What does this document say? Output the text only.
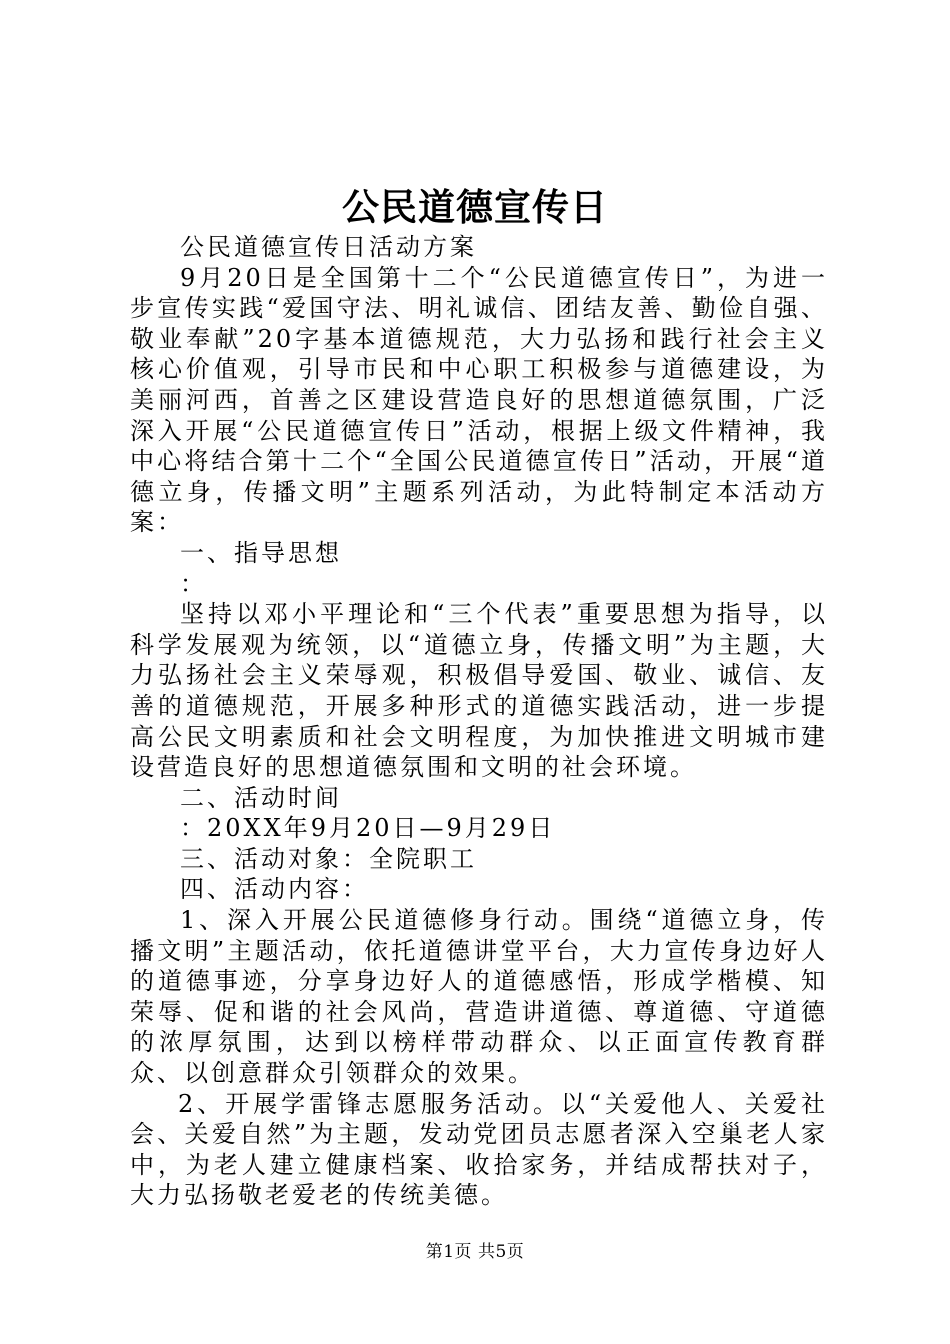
公民道德宣传日

公民道德宣传日活动方案

9月20日是全国第十二个“公民道德宣传日”，为进一步宣传实践“爱国守法、明礼诚信、团结友善、勤俭自强、敬业奉献”20字基本道德规范，大力弘扬和践行社会主义核心价值观，引导市民和中心职工积极参与道德建设，为美丽河西，首善之区建设营造良好的思想道德氛围，广泛深入开展“公民道德宣传日”活动，根据上级文件精神，我中心将结合第十二个“全国公民道德宣传日”活动，开展“道德立身，传播文明”主题系列活动，为此特制定本活动方案：

一、指导思想

：

坚持以邓小平理论和“三个代表”重要思想为指导，以科学发展观为统领，以“道德立身，传播文明”为主题，大力弘扬社会主义荣辱观，积极倡导爱国、敬业、诚信、友善的道德规范，开展多种形式的道德实践活动，进一步提高公民文明素质和社会文明程度，为加快推进文明城市建设营造良好的思想道德氛围和文明的社会环境。

二、活动时间

：20XX年9月20日—9月29日

三、活动对象：全院职工

四、活动内容：

1、深入开展公民道德修身行动。围绕“道德立身，传播文明”主题活动，依托道德讲堂平台，大力宣传身边好人的道德事迹，分享身边好人的道德感悟，形成学楷模、知荣辱、促和谐的社会风尚，营造讲道德、尊道德、守道德的浓厚氛围，达到以榜样带动群众、以正面宣传教育群众、以创意群众引领群众的效果。

2、开展学雷锋志愿服务活动。以“关爱他人、关爱社会、关爱自然”为主题，发动党团员志愿者深入空巢老人家中，为老人建立健康档案、收拾家务，并结成帮扶对子，大力弘扬敬老爱老的传统美德。

第1页 共5页
